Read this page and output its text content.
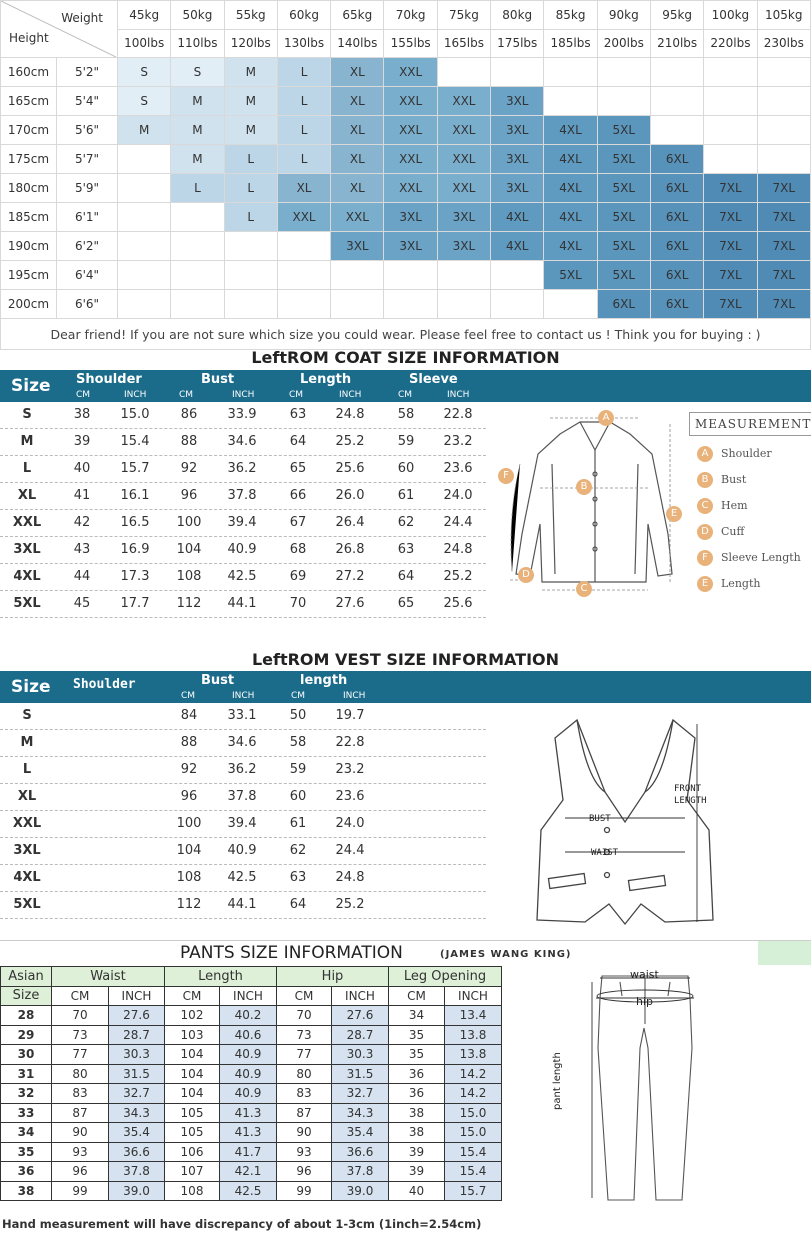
Weight
Height		45kg	50kg	55kg	60kg	65kg	70kg	75kg	80kg	85kg	90kg	95kg	100kg	105kg
		100lbs	110lbs	120lbs	130lbs	140lbs	155lbs	165lbs	175lbs	185lbs	200lbs	210lbs	220lbs	230lbs
160cm	5'2"	S	S	M	L	XL	XXL							
165cm	5'4"	S	M	M	L	XL	XXL	XXL	3XL					
170cm	5'6"	M	M	M	L	XL	XXL	XXL	3XL	4XL	5XL			
175cm	5'7"		M	L	L	XL	XXL	XXL	3XL	4XL	5XL	6XL		
180cm	5'9"		L	L	XL	XL	XXL	XXL	3XL	4XL	5XL	6XL	7XL	7XL
185cm	6'1"			L	XXL	XXL	3XL	3XL	4XL	4XL	5XL	6XL	7XL	7XL
190cm	6'2"					3XL	3XL	3XL	4XL	4XL	5XL	6XL	7XL	7XL
195cm	6'4"									5XL	5XL	6XL	7XL	7XL
200cm	6'6"										6XL	6XL	7XL	7XL
Dear friend! If you are not sure which size you could wear. Please feel free to contact us ! Think you for buying : )														
LeftROM COAT SIZE INFORMATION
Size Shoulder	Bust	Length	Sleeve
CM	INCH	CM	INCH	CM	INCH	CM	INCH
S	38	15.0	86	33.9	63	24.8	58	22.8
M	39	15.4	88	34.6	64	25.2	59	23.2
L	40	15.7	92	36.2	65	25.6	60	23.6
XL	41	16.1	96	37.8	66	26.0	61	24.0
XXL	42	16.5	100	39.4	67	26.4	62	24.4
3XL	43	16.9	104	40.9	68	26.8	63	24.8
4XL	44	17.3	108	42.5	69	27.2	64	25.2
5XL	45	17.7	112	44.1	70	27.6	65	25.6
A
B
C
D
F
E
MEASUREMENT
A Shoulder
B Bust
C Hem
D Cuff
F Sleeve Length
E Length
LeftROM VEST SIZE INFORMATION
Size Shoulder	Bust	length
CM	INCH	CM	INCH
S	84	33.1	50	19.7
M	88	34.6	58	22.8
L	92	36.2	59	23.2
XL	96	37.8	60	23.6
XXL	100	39.4	61	24.0
3XL	104	40.9	62	24.4
4XL	108	42.5	63	24.8
5XL	112	44.1	64	25.2
BUST
WAIST
FRONT LENGTH
PANTS SIZE INFORMATION	(JAMES WANG KING)
Asian	Waist		Length		Hip		Leg Opening	
Size	CM	INCH	CM	INCH	CM	INCH	CM	INCH
28	70	27.6	102	40.2	70	27.6	34	13.4
29	73	28.7	103	40.6	73	28.7	35	13.8
30	77	30.3	104	40.9	77	30.3	35	13.8
31	80	31.5	104	40.9	80	31.5	36	14.2
32	83	32.7	104	40.9	83	32.7	36	14.2
33	87	34.3	105	41.3	87	34.3	38	15.0
34	90	35.4	105	41.3	90	35.4	38	15.0
35	93	36.6	106	41.7	93	36.6	39	15.4
36	96	37.8	107	42.1	96	37.8	39	15.4
38	99	39.0	108	42.5	99	39.0	40	15.7
waist
hip
pant length
Hand measurement will have discrepancy of about 1-3cm (1inch=2.54cm)
